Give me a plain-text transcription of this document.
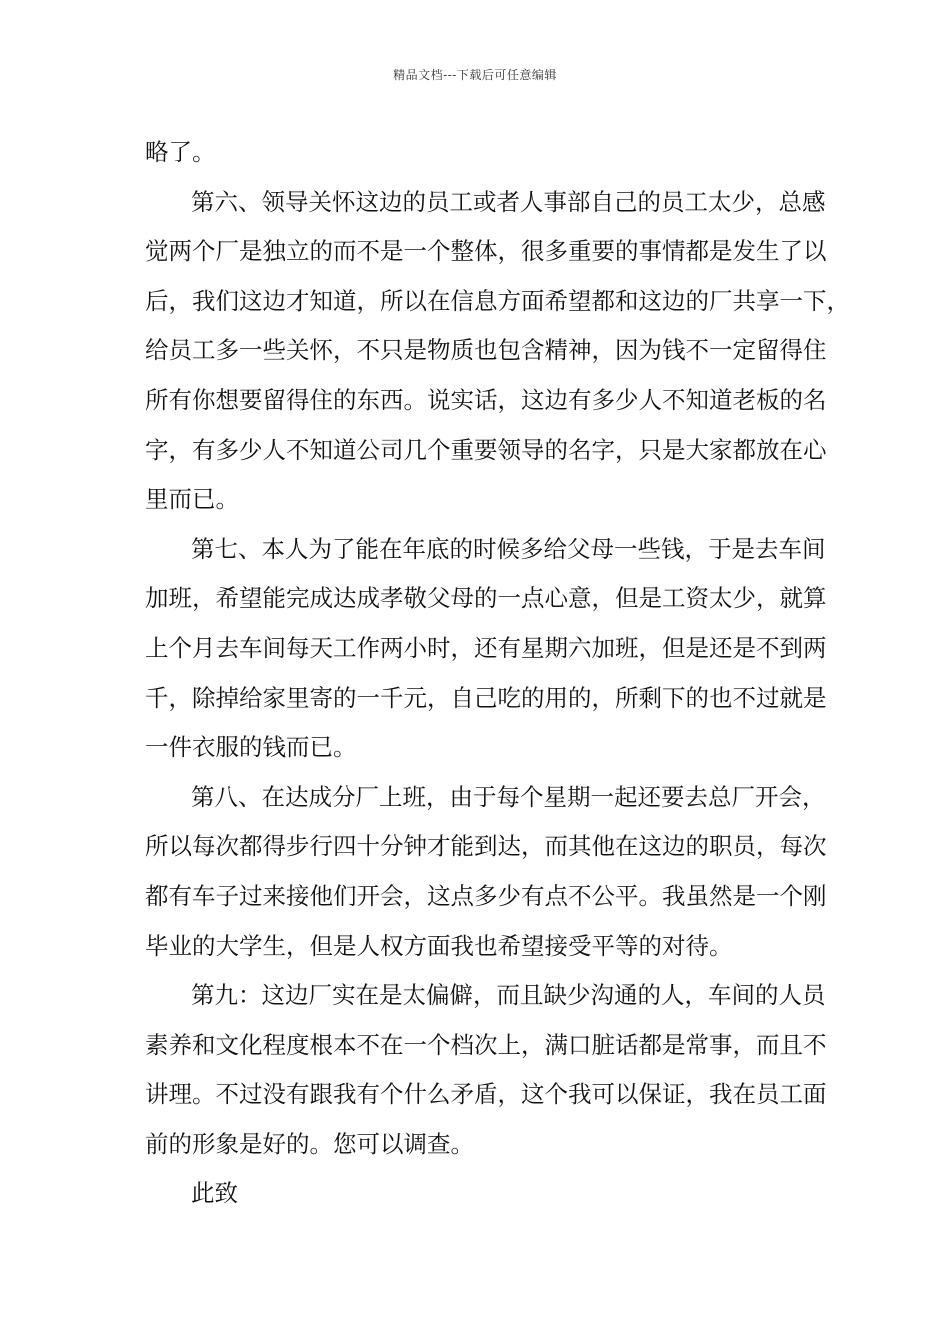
精品文档---下载后可任意编辑
略了。
第六、领导关怀这边的员工或者人事部自己的员工太少，总感
觉两个厂是独立的而不是一个整体，很多重要的事情都是发生了以
后，我们这边才知道，所以在信息方面希望都和这边的厂共享一下，
给员工多一些关怀，不只是物质也包含精神，因为钱不一定留得住
所有你想要留得住的东西。说实话，这边有多少人不知道老板的名
字，有多少人不知道公司几个重要领导的名字，只是大家都放在心
里而已。
第七、本人为了能在年底的时候多给父母一些钱，于是去车间
加班，希望能完成达成孝敬父母的一点心意，但是工资太少，就算
上个月去车间每天工作两小时，还有星期六加班，但是还是不到两
千，除掉给家里寄的一千元，自己吃的用的，所剩下的也不过就是
一件衣服的钱而已。
第八、在达成分厂上班，由于每个星期一起还要去总厂开会，
所以每次都得步行四十分钟才能到达，而其他在这边的职员，每次
都有车子过来接他们开会，这点多少有点不公平。我虽然是一个刚
毕业的大学生，但是人权方面我也希望接受平等的对待。
第九：这边厂实在是太偏僻，而且缺少沟通的人，车间的人员
素养和文化程度根本不在一个档次上，满口脏话都是常事，而且不
讲理。不过没有跟我有个什么矛盾，这个我可以保证，我在员工面
前的形象是好的。您可以调查。
此致
